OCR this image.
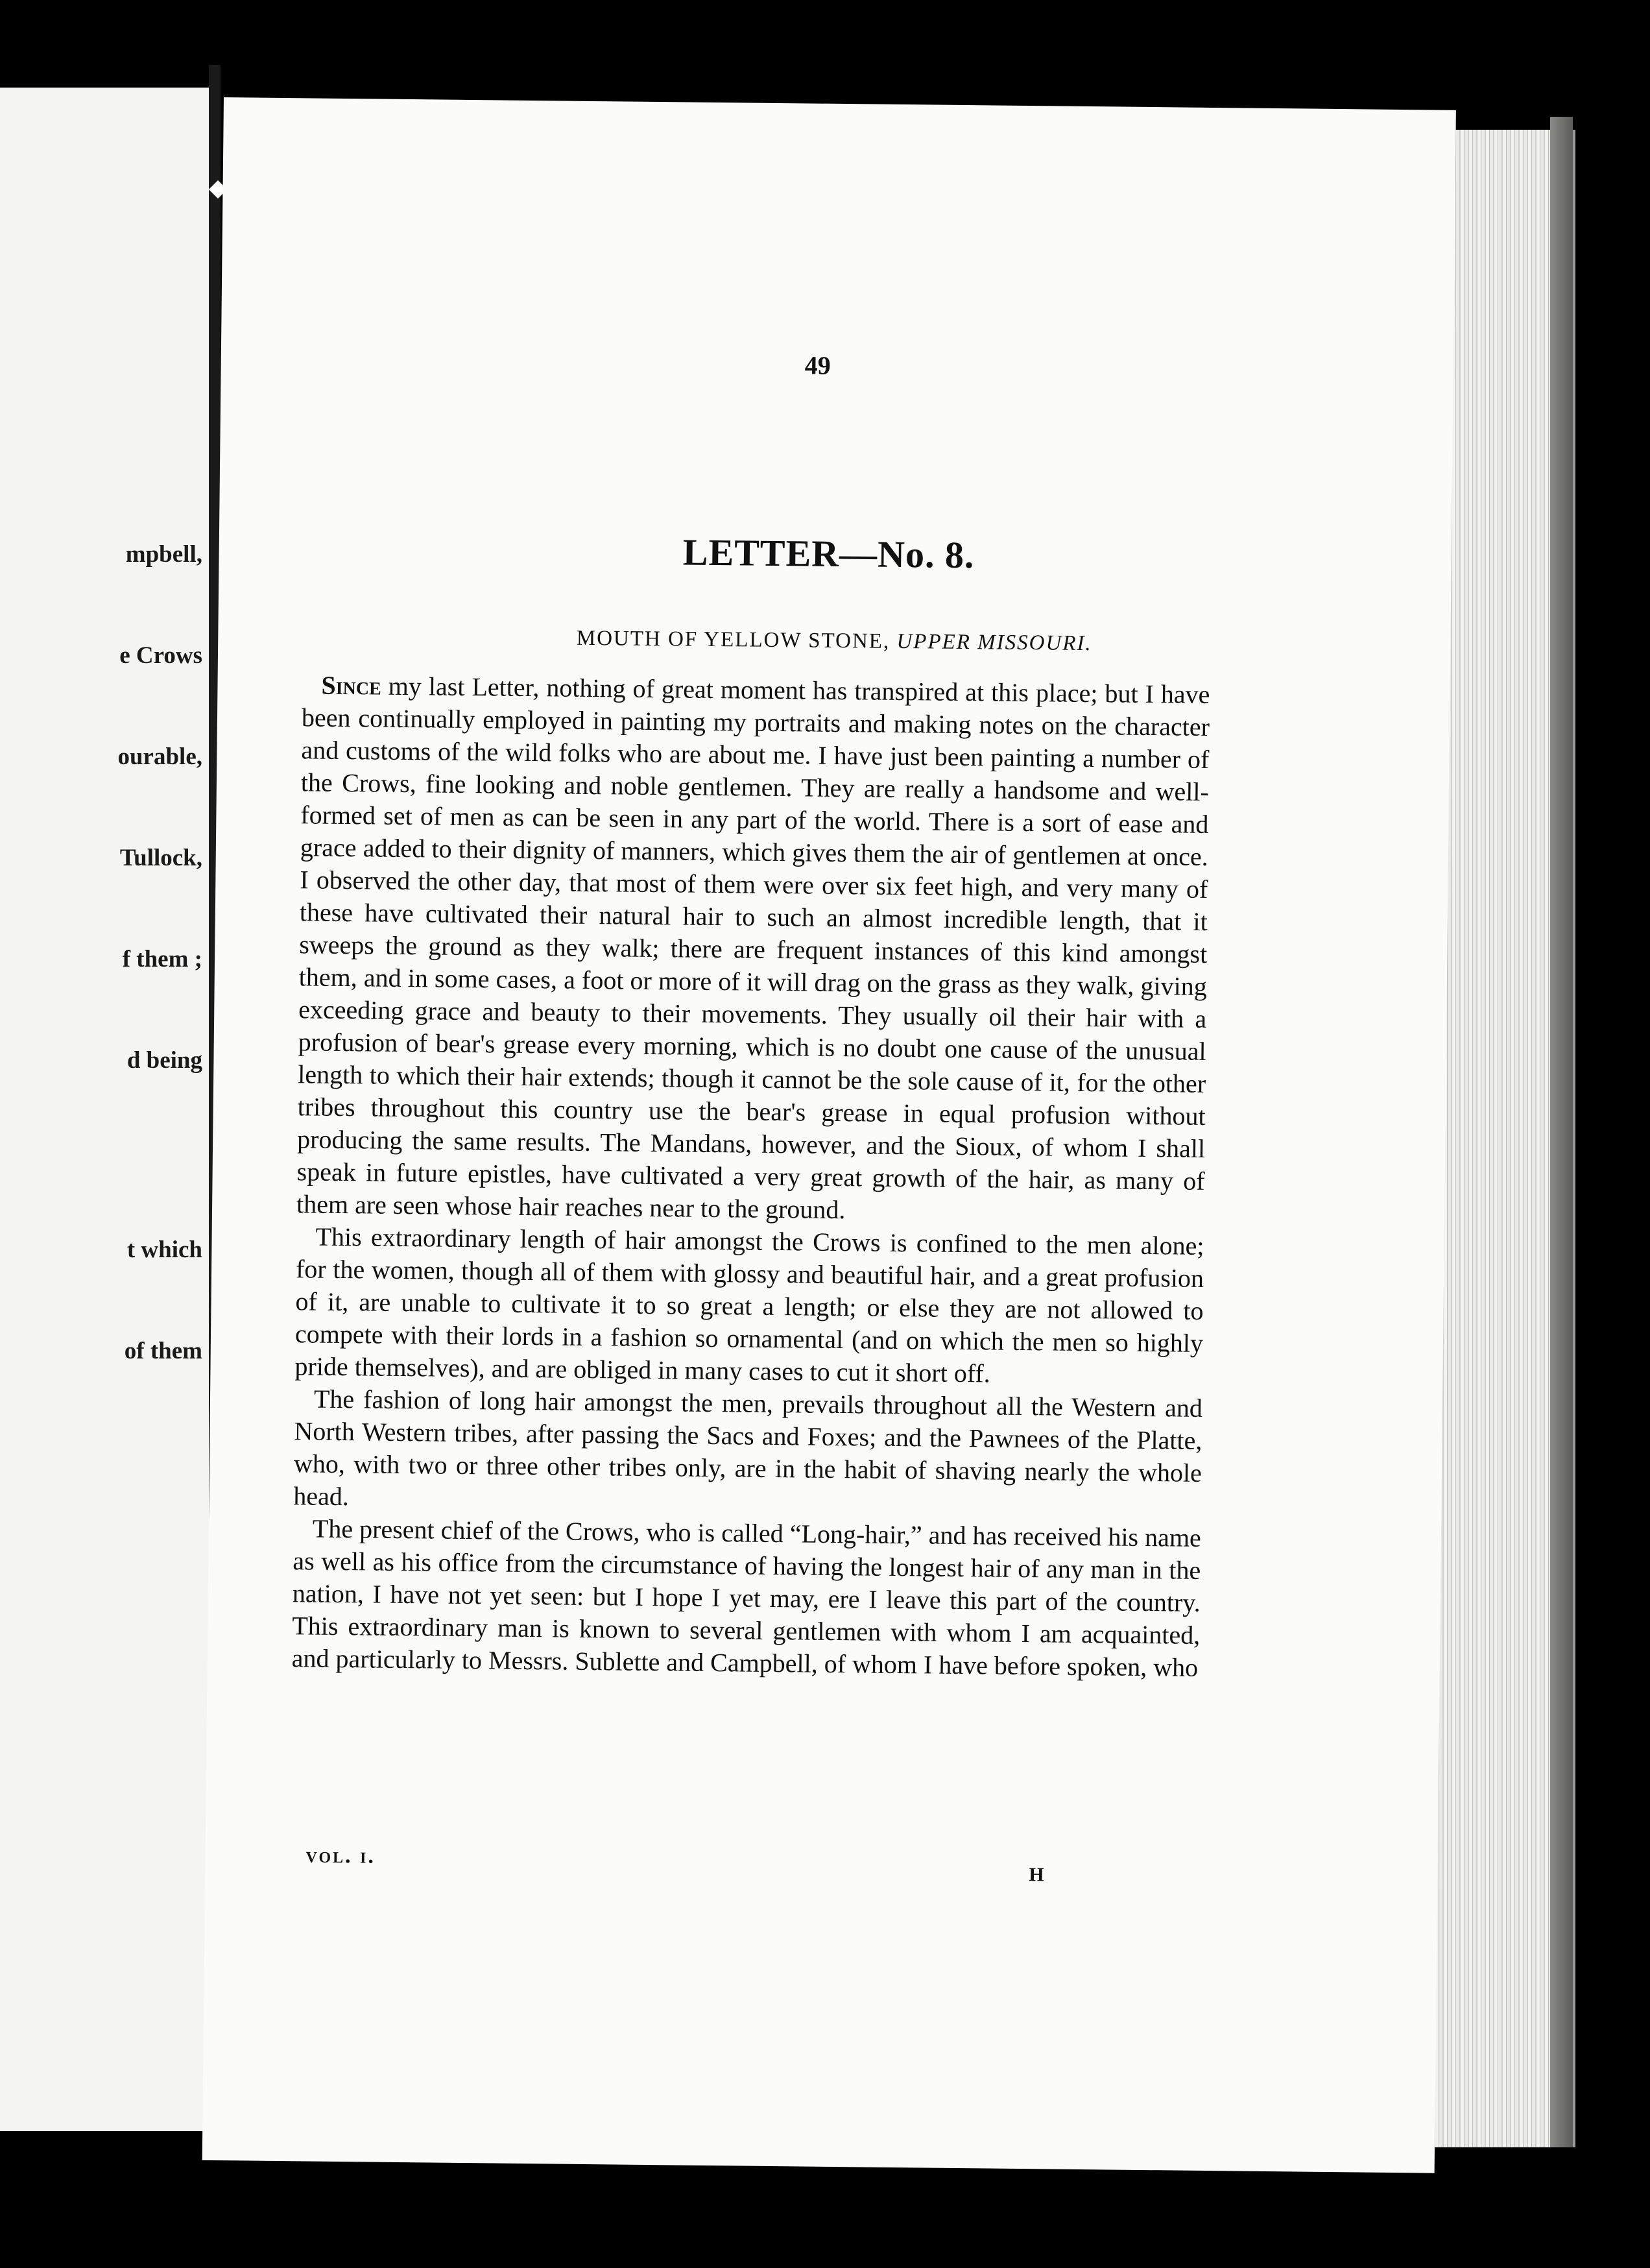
mpbell,

e Crows

ourable,

Tullock,

f them ;

d being

t which

of them

49
LETTER—No. 8.
MOUTH OF YELLOW STONE, UPPER MISSOURI.

Since my last Letter, nothing of great moment has transpired at this place; but I have been continually employed in painting my portraits and making notes on the character and customs of the wild folks who are about me. I have just been painting a number of the Crows, fine looking and noble gentlemen. They are really a handsome and well-formed set of men as can be seen in any part of the world. There is a sort of ease and grace added to their dignity of manners, which gives them the air of gentlemen at once. I observed the other day, that most of them were over six feet high, and very many of these have cultivated their natural hair to such an almost incredible length, that it sweeps the ground as they walk; there are frequent instances of this kind amongst them, and in some cases, a foot or more of it will drag on the grass as they walk, giving exceeding grace and beauty to their movements. They usually oil their hair with a profusion of bear's grease every morning, which is no doubt one cause of the unusual length to which their hair extends; though it cannot be the sole cause of it, for the other tribes throughout this country use the bear's grease in equal profusion without producing the same results. The Mandans, however, and the Sioux, of whom I shall speak in future epistles, have cultivated a very great growth of the hair, as many of them are seen whose hair reaches near to the ground.

This extraordinary length of hair amongst the Crows is confined to the men alone; for the women, though all of them with glossy and beautiful hair, and a great profusion of it, are unable to cultivate it to so great a length; or else they are not allowed to compete with their lords in a fashion so ornamental (and on which the men so highly pride themselves), and are obliged in many cases to cut it short off.

The fashion of long hair amongst the men, prevails throughout all the Western and North Western tribes, after passing the Sacs and Foxes; and the Pawnees of the Platte, who, with two or three other tribes only, are in the habit of shaving nearly the whole head.

The present chief of the Crows, who is called “Long-hair,” and has received his name as well as his office from the circumstance of having the longest hair of any man in the nation, I have not yet seen: but I hope I yet may, ere I leave this part of the country. This extraordinary man is known to several gentlemen with whom I am acquainted, and particularly to Messrs. Sublette and Campbell, of whom I have before spoken, who

vol. i.
H
